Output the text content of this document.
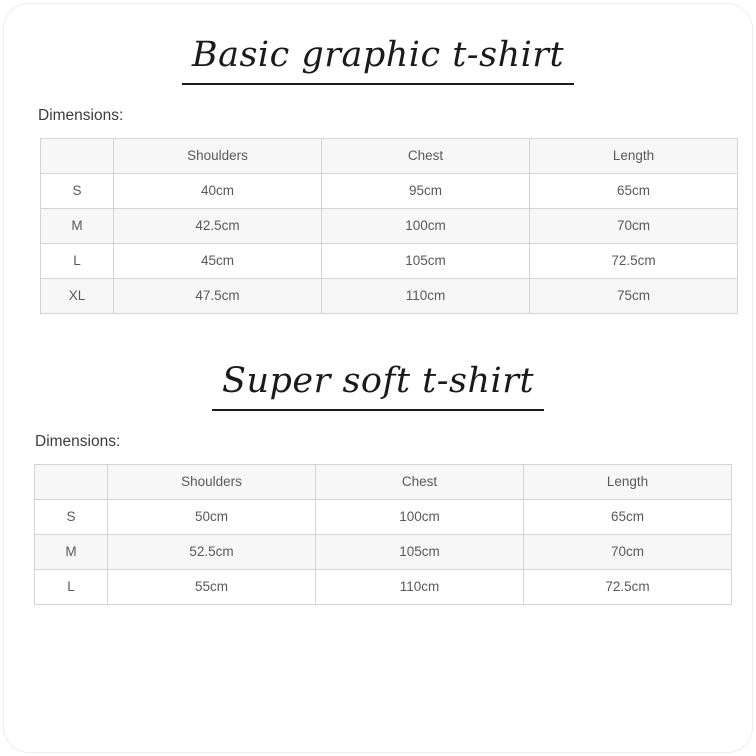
Basic graphic t-shirt
Dimensions:
	Shoulders	Chest	Length
S	40cm	95cm	65cm
M	42.5cm	100cm	70cm
L	45cm	105cm	72.5cm
XL	47.5cm	110cm	75cm
Super soft t-shirt
Dimensions:
	Shoulders	Chest	Length
S	50cm	100cm	65cm
M	52.5cm	105cm	70cm
L	55cm	110cm	72.5cm
